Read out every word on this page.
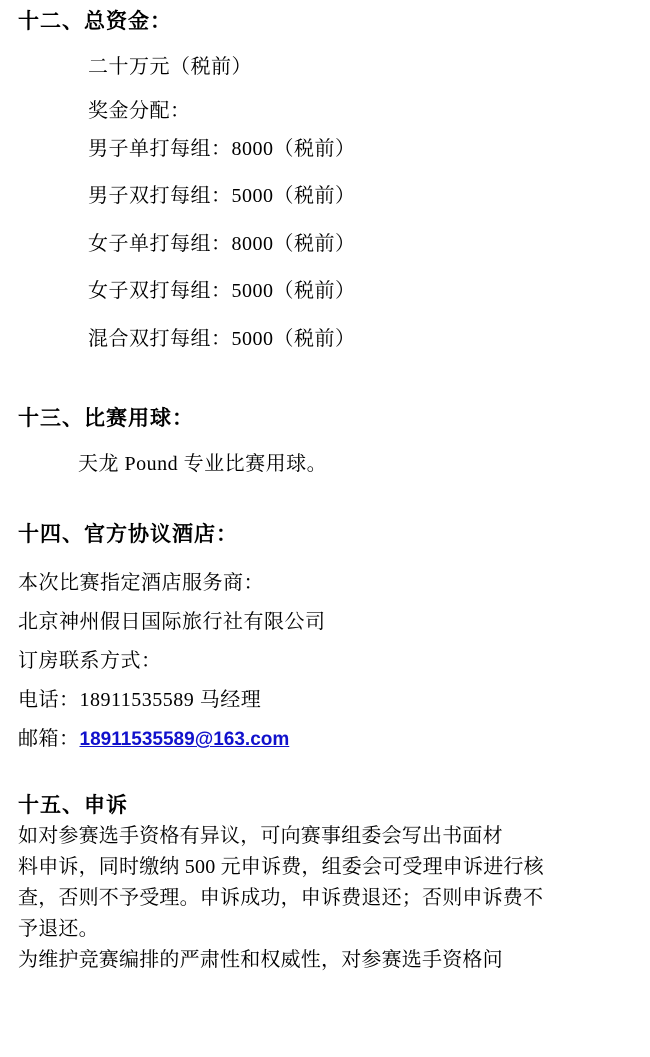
十二、总资金：
二十万元（税前）
奖金分配：
男子单打每组：8000（税前）
男子双打每组：5000（税前）
女子单打每组：8000（税前）
女子双打每组：5000（税前）
混合双打每组：5000（税前）
十三、比赛用球：
天龙 Pound 专业比赛用球。
十四、官方协议酒店：
本次比赛指定酒店服务商：
北京神州假日国际旅行社有限公司
订房联系方式：
电话：18911535589 马经理
邮箱：18911535589@163.com
十五、申诉

如对参赛选手资格有异议，可向赛事组委会写出书面材

料申诉，同时缴纳 500 元申诉费，组委会可受理申诉进行核

查，否则不予受理。申诉成功，申诉费退还；否则申诉费不

予退还。

为维护竞赛编排的严肃性和权威性，对参赛选手资格问
